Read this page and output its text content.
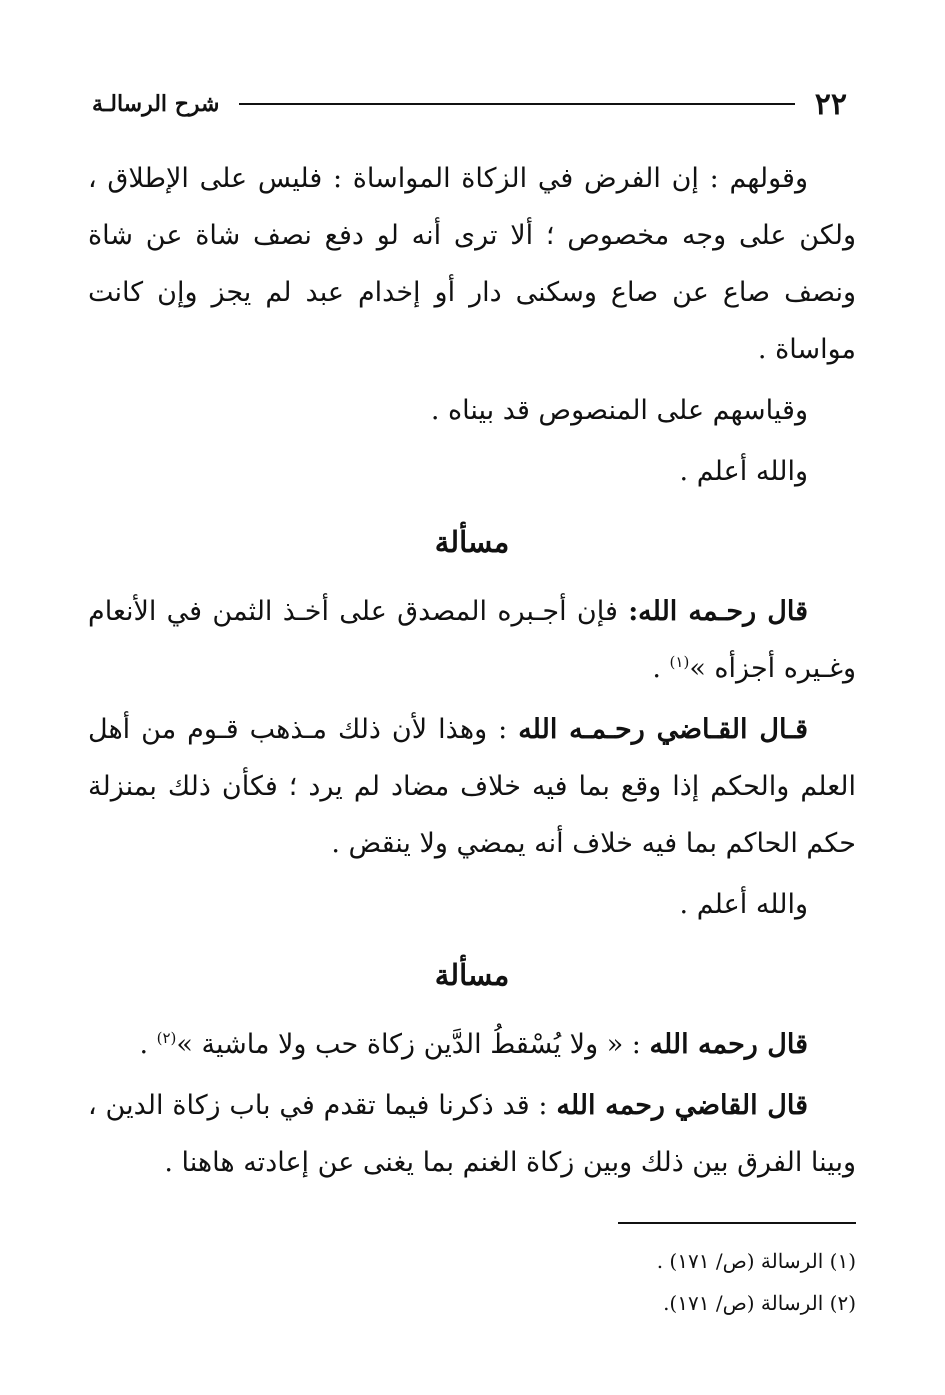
٢٢
شرح الرسالـة

وقولهم : إن الفرض في الزكاة المواساة : فليس على الإطلاق ، ولكن على وجه مخصوص ؛ ألا ترى أنه لو دفع نصف شاة عن شاة ونصف صاع عن صاع وسكنى دار أو إخدام عبد لم يجز وإن كانت مواساة .

وقياسهم على المنصوص قد بيناه .

والله أعلم .

مسألة

قال رحـمه الله: فإن أجـبره المصدق على أخـذ الثمن في الأنعام وغـيره أجزأه »$^{(١)}$ .

قـال القـاضي رحـمـه الله : وهذا لأن ذلك مـذهب قـوم من أهل العلم والحكم إذا وقع بما فيه خلاف مضاد لم يرد ؛ فكأن ذلك بمنزلة حكم الحاكم بما فيه خلاف أنه يمضي ولا ينقض .

والله أعلم .

مسألة

قال رحمه الله : « ولا يُسْقطُ الدَّين زكاة حب ولا ماشية »$^{(٢)}$ .

قال القاضي رحمه الله : قد ذكرنا فيما تقدم في باب زكاة الدين ، وبينا الفرق بين ذلك وبين زكاة الغنم بما يغنى عن إعادته هاهنا .

(١) الرسالة (ص/ ١٧١) .

(٢) الرسالة (ص/ ١٧١).
